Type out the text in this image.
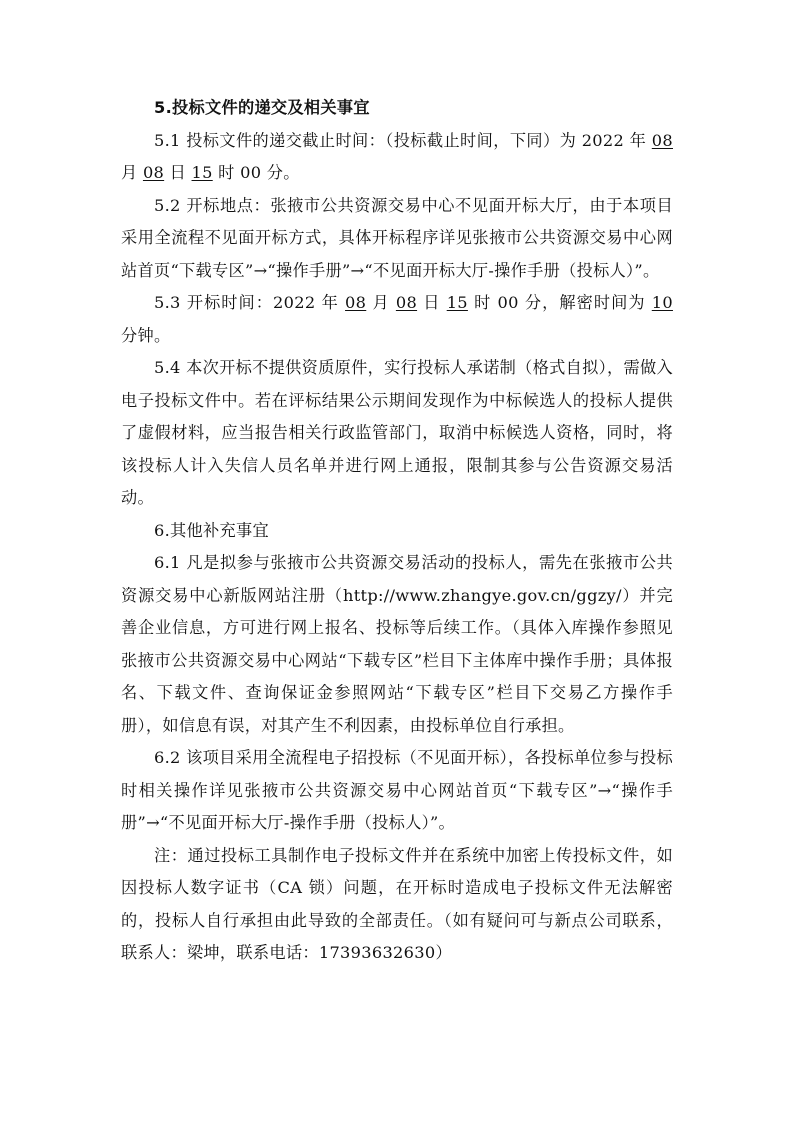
5.投标文件的递交及相关事宜

5.1 投标文件的递交截止时间：（投标截止时间，下同）为 2022 年 08 月 08 日 15 时 00 分。

5.2 开标地点：张掖市公共资源交易中心不见面开标大厅，由于本项目采用全流程不见面开标方式，具体开标程序详见张掖市公共资源交易中心网站首页“下载专区”→“操作手册”→“不见面开标大厅-操作手册（投标人）”。

5.3 开标时间：2022 年 08 月 08 日 15 时 00 分，解密时间为 10 分钟。

5.4 本次开标不提供资质原件，实行投标人承诺制（格式自拟），需做入电子投标文件中。若在评标结果公示期间发现作为中标候选人的投标人提供了虚假材料，应当报告相关行政监管部门，取消中标候选人资格，同时，将该投标人计入失信人员名单并进行网上通报，限制其参与公告资源交易活动。

6.其他补充事宜

6.1 凡是拟参与张掖市公共资源交易活动的投标人，需先在张掖市公共资源交易中心新版网站注册（http://www.zhangye.gov.cn/ggzy/）并完善企业信息，方可进行网上报名、投标等后续工作。（具体入库操作参照见张掖市公共资源交易中心网站“下载专区”栏目下主体库中操作手册；具体报名、下载文件、查询保证金参照网站“下载专区”栏目下交易乙方操作手册），如信息有误，对其产生不利因素，由投标单位自行承担。

6.2 该项目采用全流程电子招投标（不见面开标），各投标单位参与投标时相关操作详见张掖市公共资源交易中心网站首页“下载专区”→“操作手册”→“不见面开标大厅-操作手册（投标人）”。

注：通过投标工具制作电子投标文件并在系统中加密上传投标文件，如因投标人数字证书（CA 锁）问题，在开标时造成电子投标文件无法解密的，投标人自行承担由此导致的全部责任。（如有疑问可与新点公司联系，联系人：梁坤，联系电话：17393632630）
